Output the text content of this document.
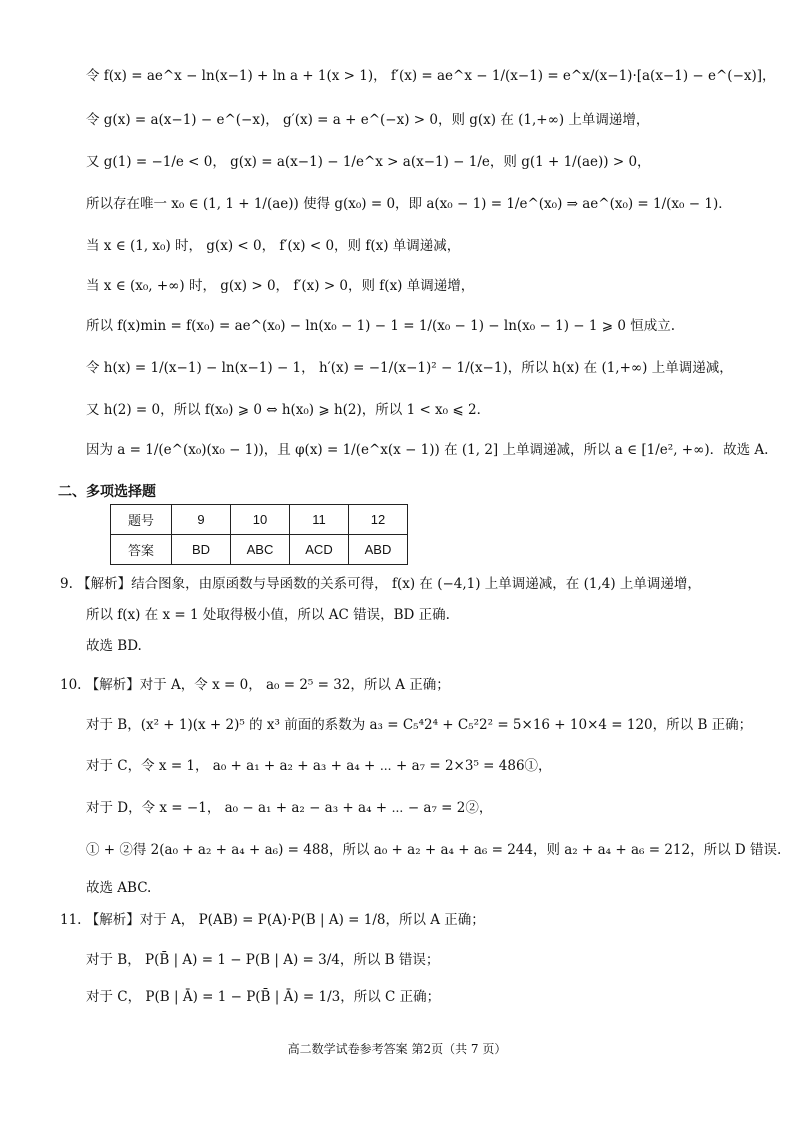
令 f(x) = ae^x − ln(x−1) + ln a + 1(x > 1)， f′(x) = ae^x − 1/(x−1) = e^x/(x−1)·[a(x−1) − e^(−x)]，
令 g(x) = a(x−1) − e^(−x)， g′(x) = a + e^(−x) > 0，则 g(x) 在 (1,+∞) 上单调递增，
又 g(1) = −1/e < 0， g(x) = a(x−1) − 1/e^x > a(x−1) − 1/e，则 g(1 + 1/(ae)) > 0，
所以存在唯一 x₀ ∈ (1, 1 + 1/(ae)) 使得 g(x₀) = 0，即 a(x₀ − 1) = 1/e^(x₀) ⇒ ae^(x₀) = 1/(x₀ − 1)．
当 x ∈ (1, x₀) 时， g(x) < 0， f′(x) < 0，则 f(x) 单调递减，
当 x ∈ (x₀, +∞) 时， g(x) > 0， f′(x) > 0，则 f(x) 单调递增，
所以 f(x)min = f(x₀) = ae^(x₀) − ln(x₀ − 1) − 1 = 1/(x₀ − 1) − ln(x₀ − 1) − 1 ⩾ 0 恒成立.
令 h(x) = 1/(x−1) − ln(x−1) − 1， h′(x) = −1/(x−1)² − 1/(x−1)，所以 h(x) 在 (1,+∞) 上单调递减，
又 h(2) = 0，所以 f(x₀) ⩾ 0 ⇔ h(x₀) ⩾ h(2)，所以 1 < x₀ ⩽ 2．
因为 a = 1/(e^(x₀)(x₀ − 1))，且 φ(x) = 1/(e^x(x − 1)) 在 (1, 2] 上单调递减，所以 a ∈ [1/e², +∞)．故选 A.
二、多项选择题
题号	9	10	11	12
答案	BD	ABC	ACD	ABD
9. 【解析】结合图象，由原函数与导函数的关系可得， f(x) 在 (−4,1) 上单调递减，在 (1,4) 上单调递增，
所以 f(x) 在 x = 1 处取得极小值，所以 AC 错误，BD 正确.
故选 BD.
10. 【解析】对于 A，令 x = 0， a₀ = 2⁵ = 32，所以 A 正确；
对于 B，(x² + 1)(x + 2)⁵ 的 x³ 前面的系数为 a₃ = C₅⁴2⁴ + C₅²2² = 5×16 + 10×4 = 120，所以 B 正确；
对于 C，令 x = 1， a₀ + a₁ + a₂ + a₃ + a₄ + ⋯ + a₇ = 2×3⁵ = 486①，
对于 D，令 x = −1， a₀ − a₁ + a₂ − a₃ + a₄ + ⋯ − a₇ = 2②，
① + ②得 2(a₀ + a₂ + a₄ + a₆) = 488，所以 a₀ + a₂ + a₄ + a₆ = 244，则 a₂ + a₄ + a₆ = 212，所以 D 错误.
故选 ABC.
11. 【解析】对于 A， P(AB) = P(A)·P(B | A) = 1/8，所以 A 正确；
对于 B， P(B̄ | A) = 1 − P(B | A) = 3/4，所以 B 错误；
对于 C， P(B | Ā) = 1 − P(B̄ | Ā) = 1/3，所以 C 正确；
高二数学试卷参考答案 第2页（共 7 页）
